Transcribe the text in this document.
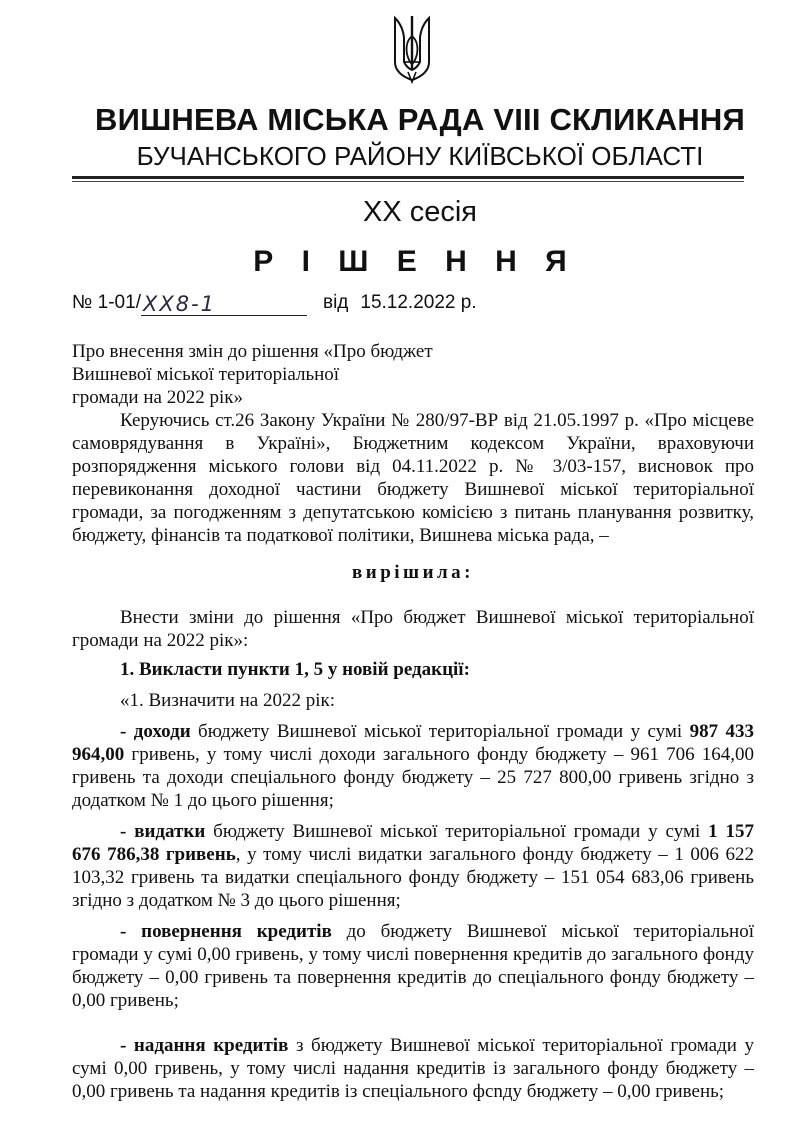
ВИШНЕВА МІСЬКА РАДА VIII СКЛИКАННЯ
БУЧАНСЬКОГО РАЙОНУ КИЇВСЬКОЇ ОБЛАСТІ
XX сесія
Р І Ш Е Н Н Я
№ 1-01/ XX8-1	від 15.12.2022 р.
Про внесення змін до рішення «Про бюджет
Вишневої міської територіальної
громади на 2022 рік»

Керуючись ст.26 Закону України № 280/97-ВР від 21.05.1997 р. «Про місцеве самоврядування в Україні», Бюджетним кодексом України, враховуючи розпорядження міського голови від 04.11.2022 р. № 3/03-157, висновок про перевиконання доходної частини бюджету Вишневої міської територіальної громади, за погодженням з депутатською комісією з питань планування розвитку, бюджету, фінансів та податкової політики, Вишнева міська рада, –

вирішила:

Внести зміни до рішення «Про бюджет Вишневої міської територіальної громади на 2022 рік»:

1. Викласти пункти 1, 5 у новій редакції:

«1. Визначити на 2022 рік:

- доходи бюджету Вишневої міської територіальної громади у сумі 987 433 964,00 гривень, у тому числі доходи загального фонду бюджету – 961 706 164,00 гривень та доходи спеціального фонду бюджету – 25 727 800,00 гривень згідно з додатком № 1 до цього рішення;

- видатки бюджету Вишневої міської територіальної громади у сумі 1 157 676 786,38 гривень, у тому числі видатки загального фонду бюджету – 1 006 622 103,32 гривень та видатки спеціального фонду бюджету – 151 054 683,06 гривень згідно з додатком № 3 до цього рішення;

- повернення кредитів до бюджету Вишневої міської територіальної громади у сумі 0,00 гривень, у тому числі повернення кредитів до загального фонду бюджету – 0,00 гривень та повернення кредитів до спеціального фонду бюджету – 0,00 гривень;

- надання кредитів з бюджету Вишневої міської територіальної громади у сумі 0,00 гривень, у тому числі надання кредитів із загального фонду бюджету – 0,00 гривень та надання кредитів із спеціального фсnду бюджету – 0,00 гривень;
